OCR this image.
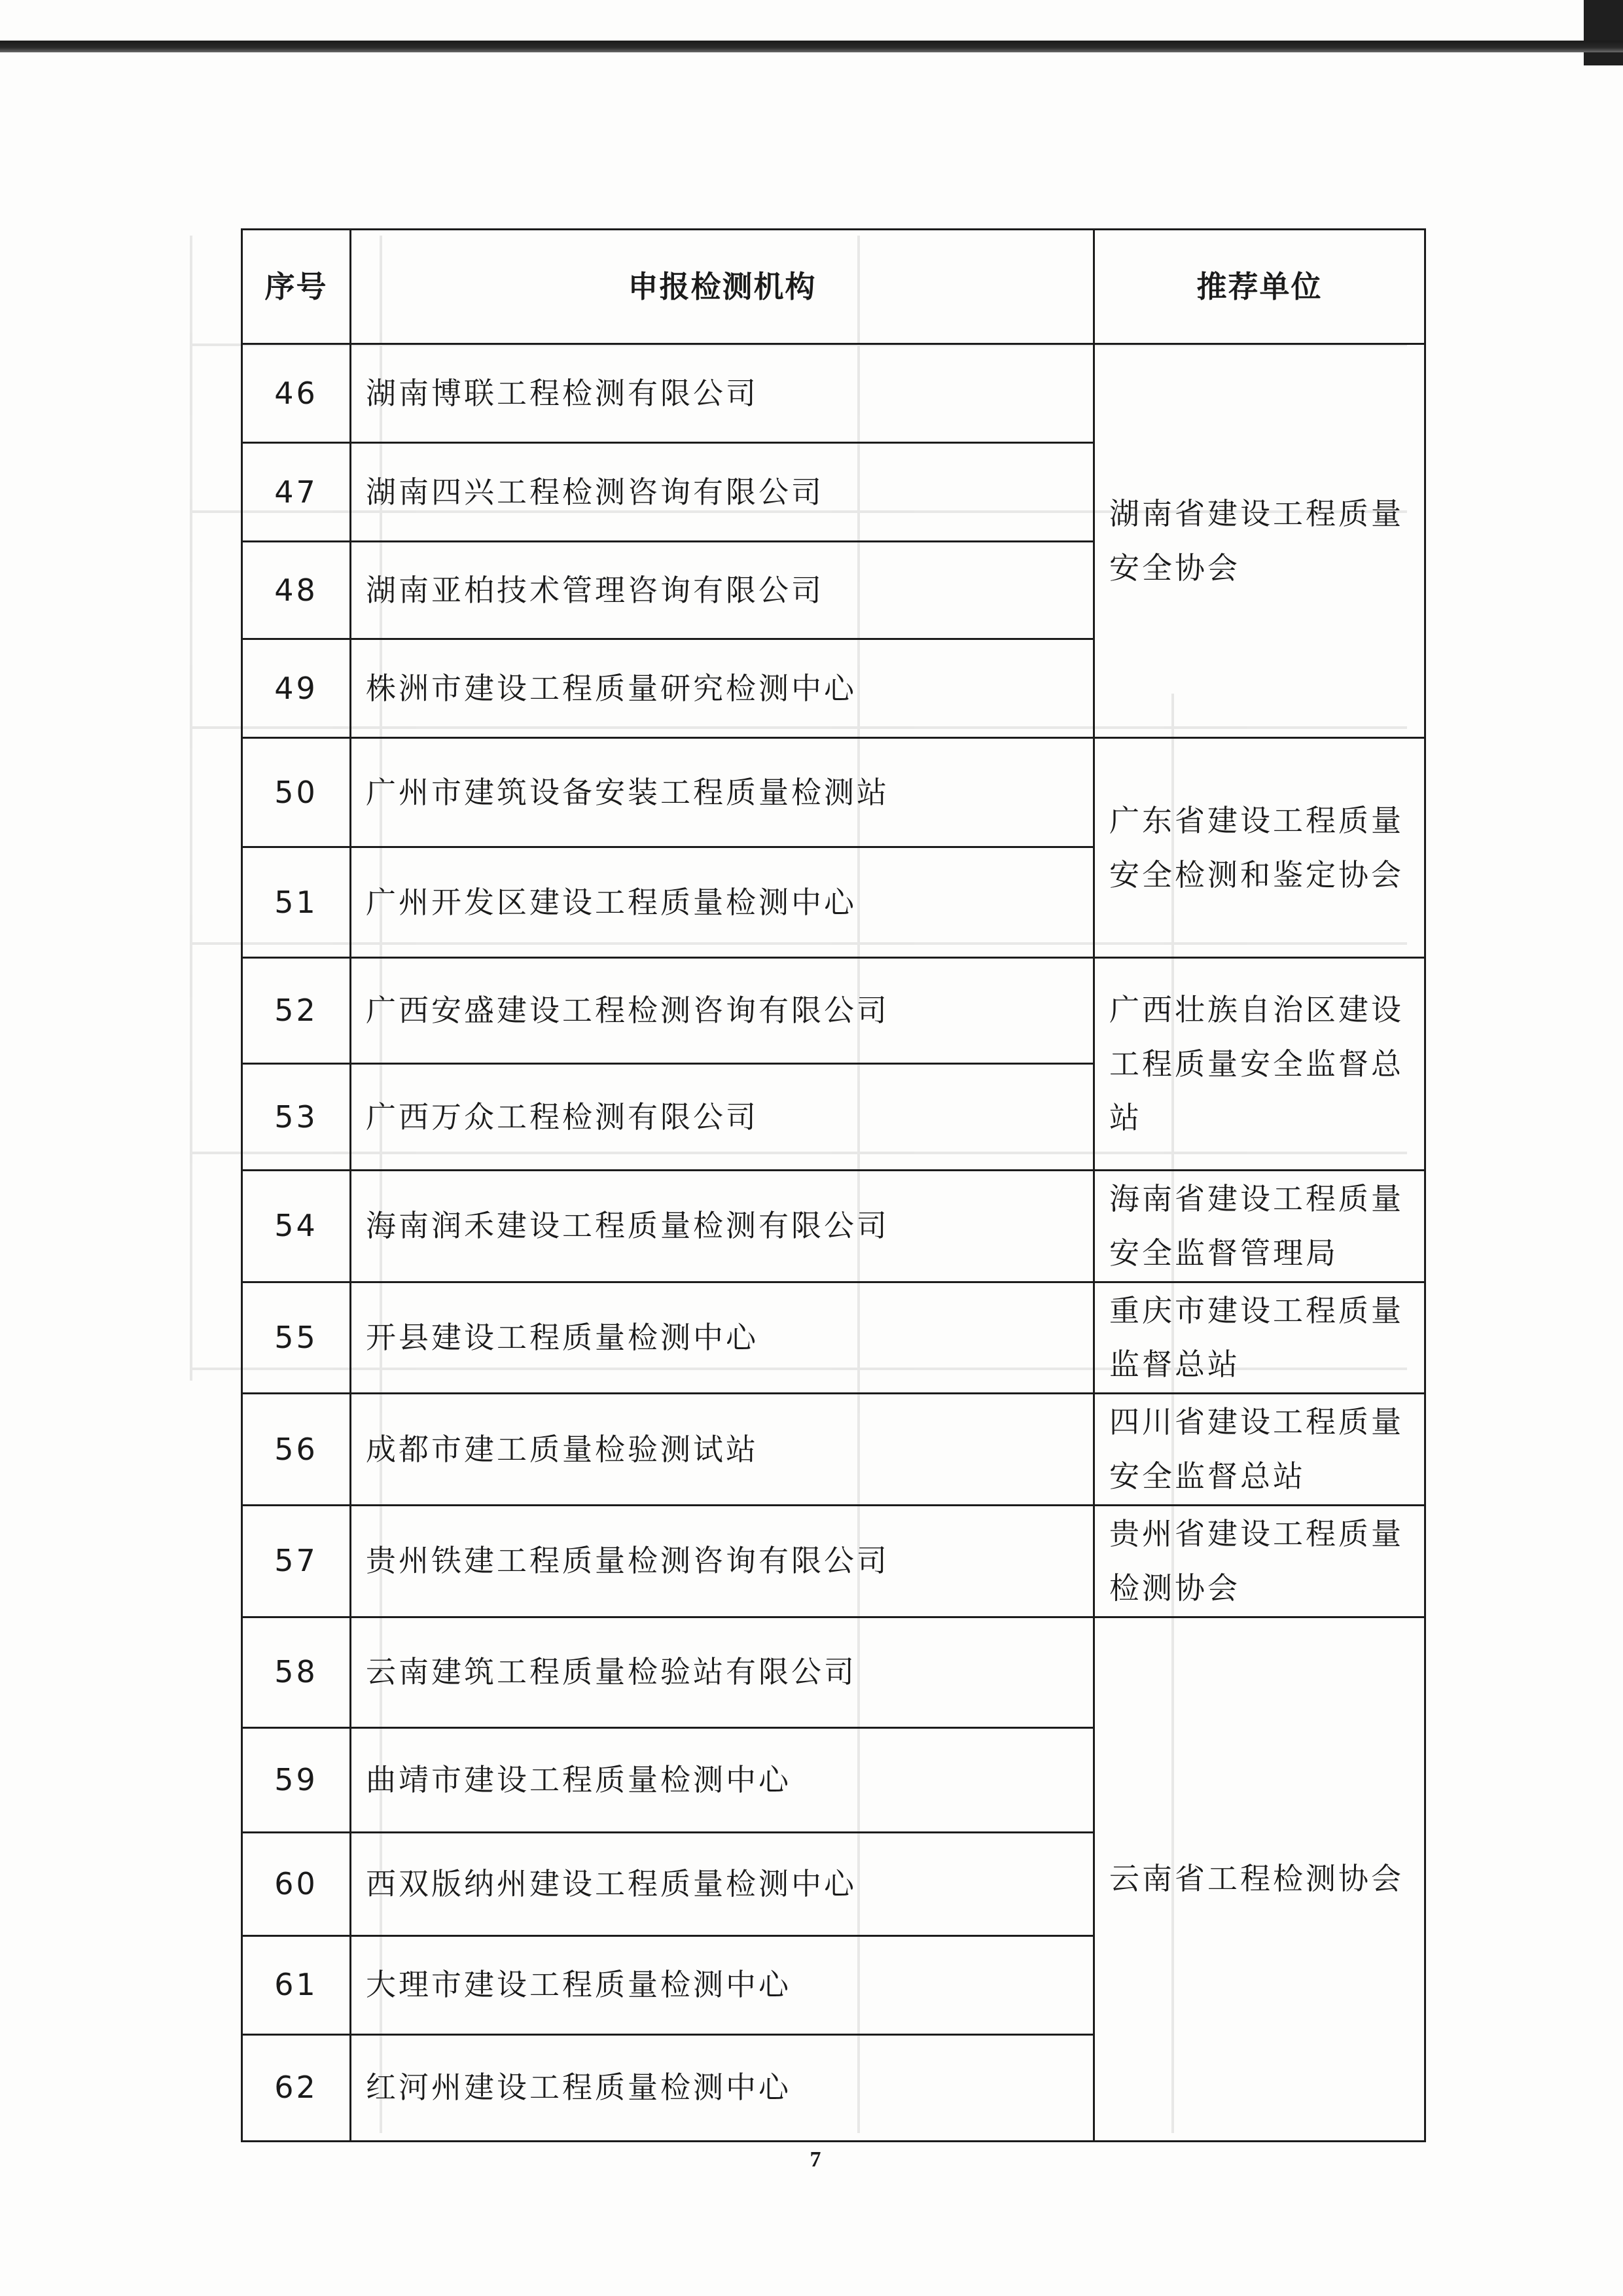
序号	申报检测机构	推荐单位
46	湖南博联工程检测有限公司	湖南省建设工程质量安全协会
47	湖南四兴工程检测咨询有限公司	
48	湖南亚柏技术管理咨询有限公司	
49	株洲市建设工程质量研究检测中心	
50	广州市建筑设备安装工程质量检测站	广东省建设工程质量安全检测和鉴定协会
51	广州开发区建设工程质量检测中心	
52	广西安盛建设工程检测咨询有限公司	广西壮族自治区建设工程质量安全监督总站
53	广西万众工程检测有限公司	
54	海南润禾建设工程质量检测有限公司	海南省建设工程质量安全监督管理局
55	开县建设工程质量检测中心	重庆市建设工程质量监督总站
56	成都市建工质量检验测试站	四川省建设工程质量安全监督总站
57	贵州铁建工程质量检测咨询有限公司	贵州省建设工程质量检测协会
58	云南建筑工程质量检验站有限公司	云南省工程检测协会
59	曲靖市建设工程质量检测中心	
60	西双版纳州建设工程质量检测中心	
61	大理市建设工程质量检测中心	
62	红河州建设工程质量检测中心	
7
